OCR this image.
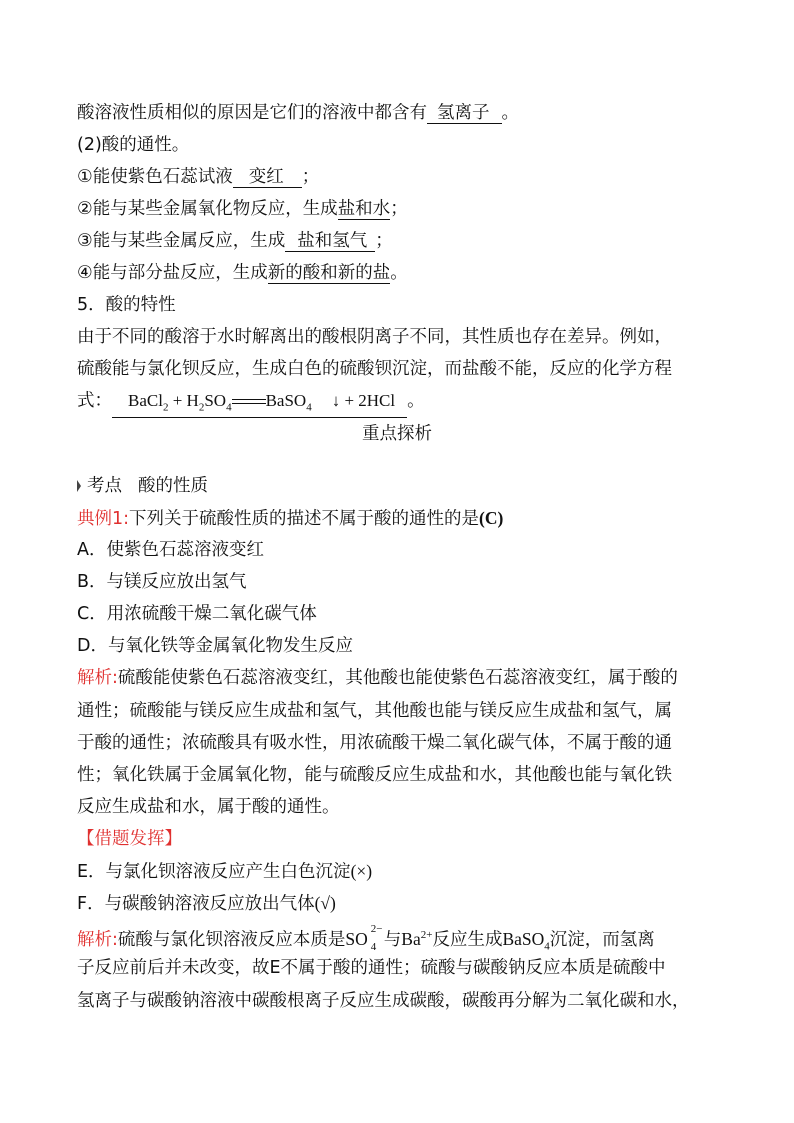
酸溶液性质相似的原因是它们的溶液中都含有 氢离子 。
(2)酸的通性。
①能使紫色石蕊试液 变红 ；
②能与某些金属氧化物反应，生成盐和水；
③能与某些金属反应，生成 盐和氢气 ；
④能与部分盐反应，生成新的酸和新的盐。
5．酸的特性
由于不同的酸溶于水时解离出的酸根阴离子不同，其性质也存在差异。例如，
硫酸能与氯化钡反应，生成白色的硫酸钡沉淀，而盐酸不能，反应的化学方程
式： BaCl$_2$ + $H_2SO_4$ BaSO$_4$ ↓ + 2HCl 。
重点探析
考点 酸的性质
典例1:下列关于硫酸性质的描述不属于酸的通性的是(C)
A．使紫色石蕊溶液变红
B．与镁反应放出氢气
C．用浓硫酸干燥二氧化碳气体
D．与氧化铁等金属氧化物发生反应
解析:硫酸能使紫色石蕊溶液变红，其他酸也能使紫色石蕊溶液变红，属于酸的
通性；硫酸能与镁反应生成盐和氢气，其他酸也能与镁反应生成盐和氢气，属
于酸的通性；浓硫酸具有吸水性，用浓硫酸干燥二氧化碳气体，不属于酸的通
性；氧化铁属于金属氧化物，能与硫酸反应生成盐和水，其他酸也能与氧化铁
反应生成盐和水，属于酸的通性。
【借题发挥】
E．与氯化钡溶液反应产生白色沉淀(×)
F．与碳酸钠溶液反应放出气体(√)
解析:硫酸与氯化钡溶液反应本质是SO 2−
4 与$Ba^{2+}$反应生成BaSO$_4$沉淀，而氢离
子反应前后并未改变，故E不属于酸的通性；硫酸与碳酸钠反应本质是硫酸中
氢离子与碳酸钠溶液中碳酸根离子反应生成碳酸，碳酸再分解为二氧化碳和水，
